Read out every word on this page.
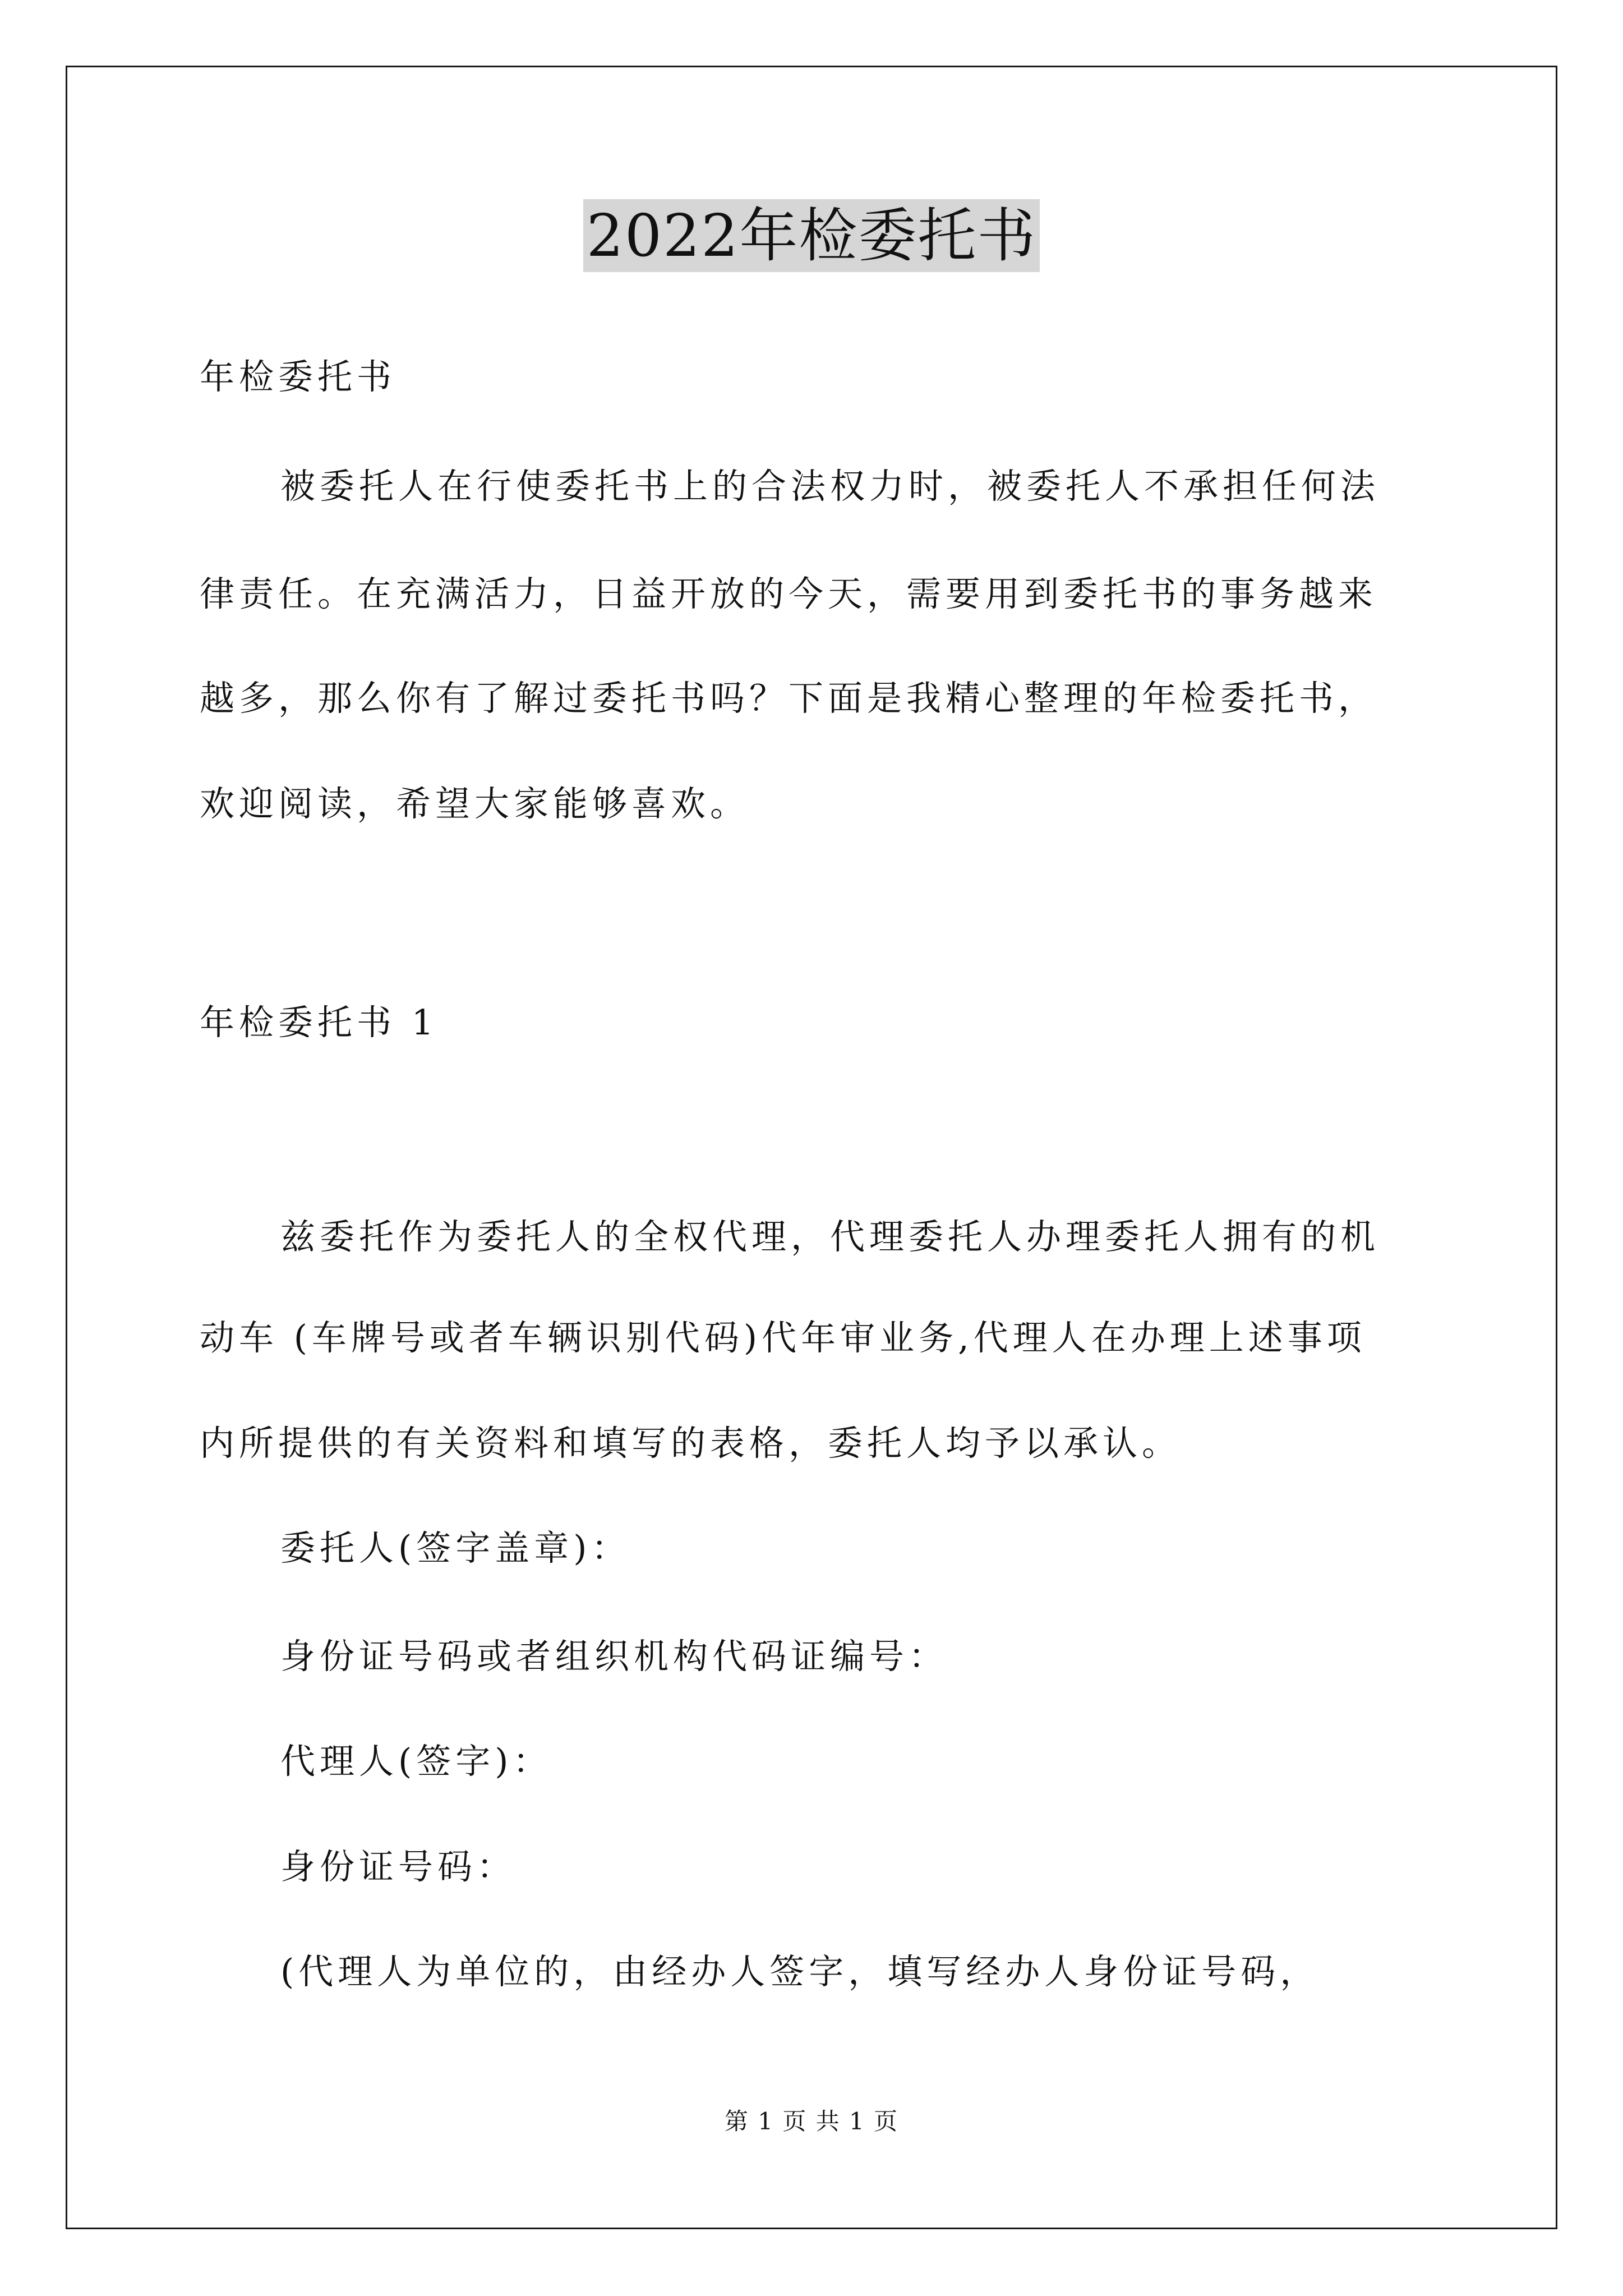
2022年检委托书
年检委托书
被委托人在行使委托书上的合法权力时，被委托人不承担任何法
律责任。在充满活力，日益开放的今天，需要用到委托书的事务越来
越多，那么你有了解过委托书吗？下面是我精心整理的年检委托书，
欢迎阅读，希望大家能够喜欢。
年检委托书 1
兹委托作为委托人的全权代理，代理委托人办理委托人拥有的机
动车 (车牌号或者车辆识别代码)代年审业务,代理人在办理上述事项
内所提供的有关资料和填写的表格，委托人均予以承认。
委托人(签字盖章)：
身份证号码或者组织机构代码证编号：
代理人(签字)：
身份证号码：
(代理人为单位的，由经办人签字，填写经办人身份证号码，
第 1 页 共 1 页
